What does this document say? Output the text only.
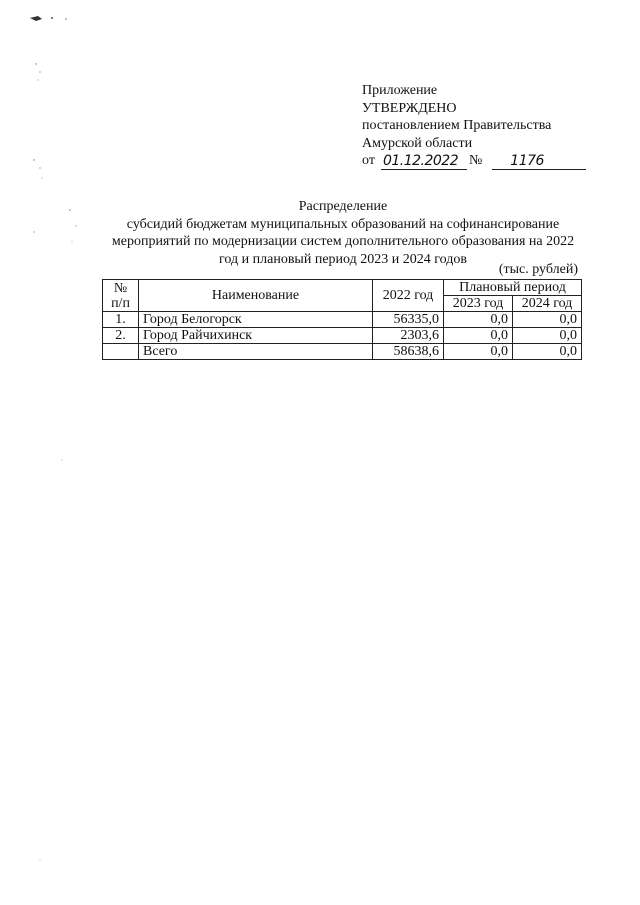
Приложение
УТВЕРЖДЕНО
постановлением Правительства
Амурской области
от 01.12.2022 №	1176
Распределение
субсидий бюджетам муниципальных образований на софинансирование
мероприятий по модернизации систем дополнительного образования на 2022
год и плановый период 2023 и 2024 годов
(тыс. рублей)
№
п/п	Наименование	2022 год	Плановый период	
			2023 год	2024 год
1.	Город Белогорск	56335,0	0,0	0,0
2.	Город Райчихинск	2303,6	0,0	0,0
	Всего	58638,6	0,0	0,0
